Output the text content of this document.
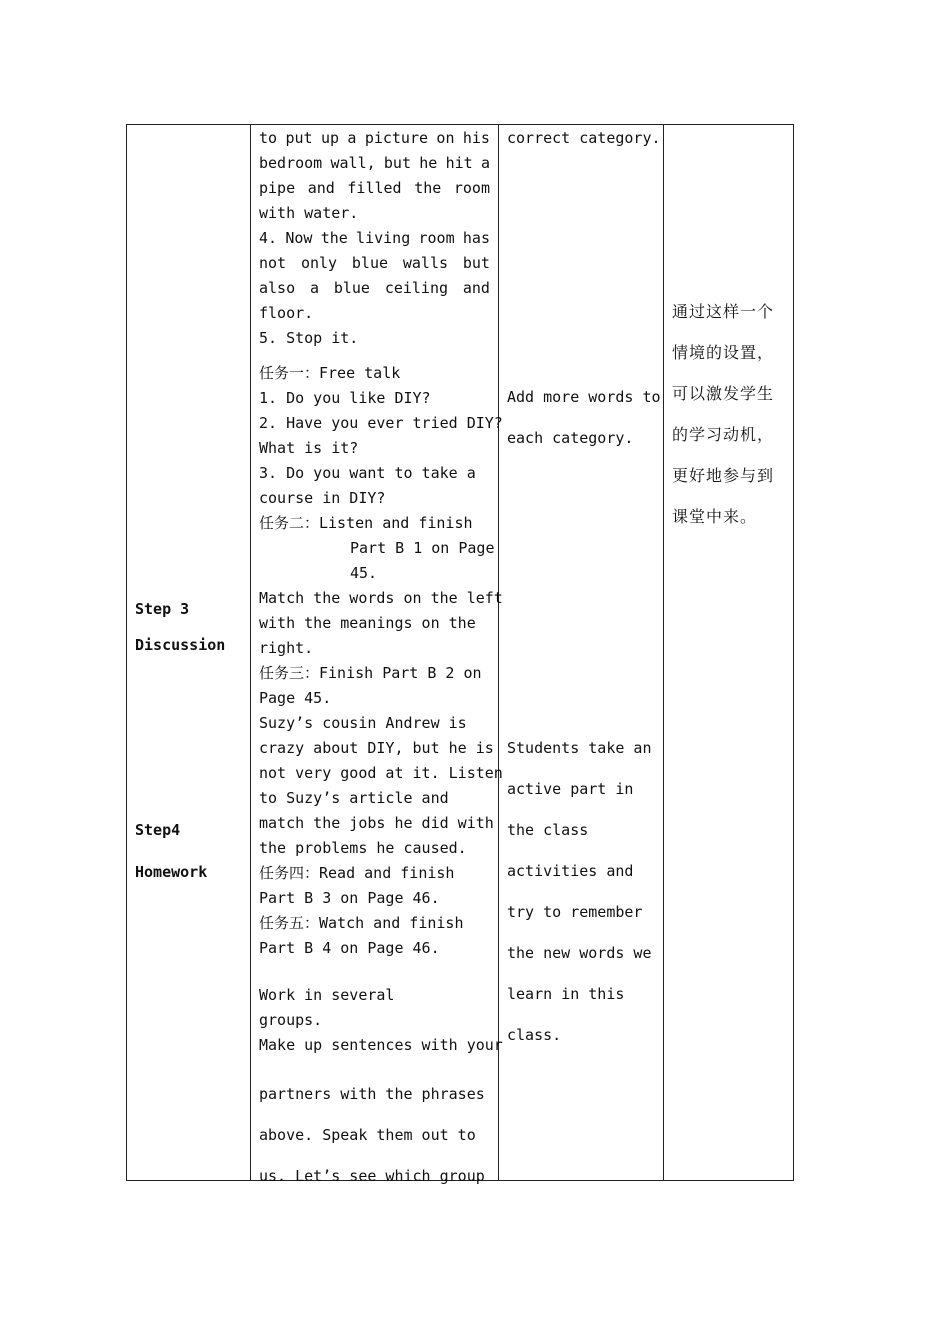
Step 3
Discussion
Step4
Homework
to put up a picture on his
bedroom wall, but he hit a
pipe and filled the room
with water.
4. Now the living room has
not only blue walls but
also a blue ceiling and
floor.
5. Stop it.
任务一：Free talk
1. Do you like DIY?
2. Have you ever tried DIY?
What is it?
3. Do you want to take a
course in DIY?
任务二：Listen and finish
Part B 1 on Page
45.
Match the words on the left
with the meanings on the
right.
任务三：Finish Part B 2 on
Page 45.
Suzy’s cousin Andrew is
crazy about DIY, but he is
not very good at it. Listen
to Suzy’s article and
match the jobs he did with
the problems he caused.
任务四：Read and finish
Part B 3 on Page 46.
任务五：Watch and finish
Part B 4 on Page 46.
Work in several
groups.
Make up sentences with your
partners with the phrases
above. Speak them out to
us. Let’s see which group
correct category.
Add more words to
each category.
Students take an
active part in
the class
activities and
try to remember
the new words we
learn in this
class.
通过这样一个
情境的设置，
可以激发学生
的学习动机，
更好地参与到
课堂中来。
